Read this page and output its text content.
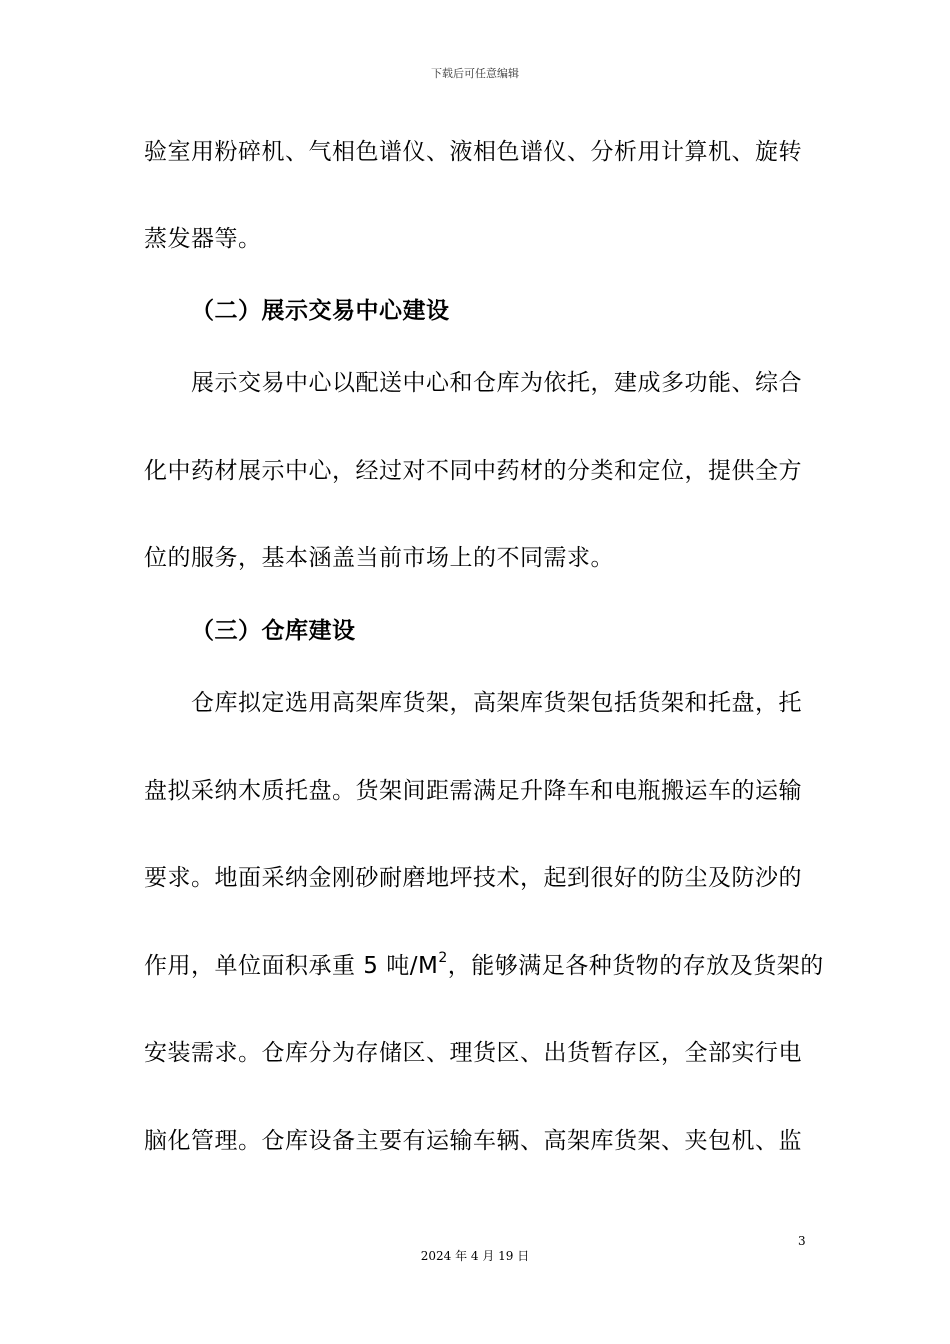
下载后可任意编辑
验室用粉碎机、气相色谱仪、液相色谱仪、分析用计算机、旋转
蒸发器等。
（二）展示交易中心建设
展示交易中心以配送中心和仓库为依托，建成多功能、综合
化中药材展示中心，经过对不同中药材的分类和定位，提供全方
位的服务，基本涵盖当前市场上的不同需求。
（三）仓库建设
仓库拟定选用高架库货架，高架库货架包括货架和托盘，托
盘拟采纳木质托盘。货架间距需满足升降车和电瓶搬运车的运输
要求。地面采纳金刚砂耐磨地坪技术，起到很好的防尘及防沙的
作用，单位面积承重 5 吨$/M^2$，能够满足各种货物的存放及货架的
安装需求。仓库分为存储区、理货区、出货暂存区，全部实行电
脑化管理。仓库设备主要有运输车辆、高架库货架、夹包机、监
3
2024 年 4 月 19 日
